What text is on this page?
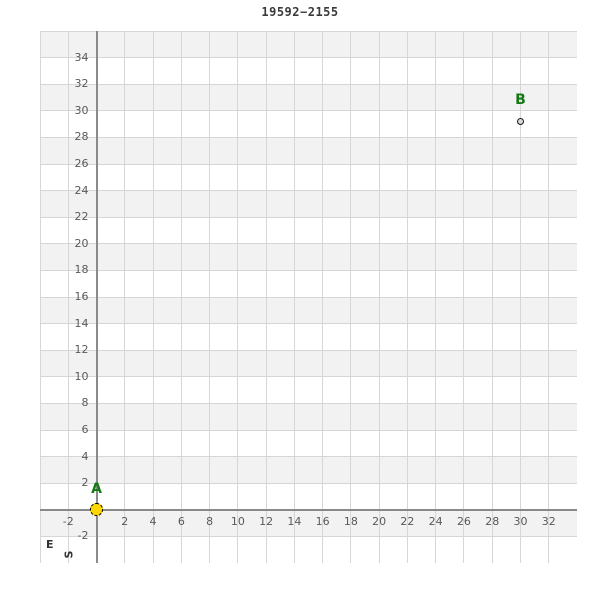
19592−2155
-2	2	4	6	8	10	12	14	16	18	20	22	24	26	28	30	32
-2
2
4
6
8
10
12
14
16
18
20
22
24
26
28
30
32
34
E
S
A
B
